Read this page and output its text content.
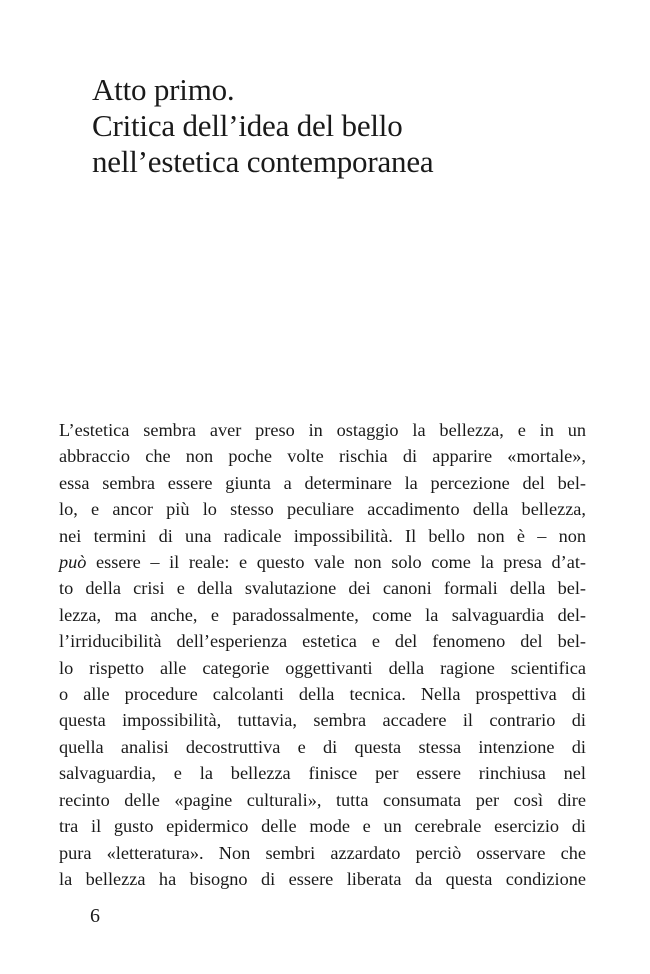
Atto primo.
Critica dell’idea del bello
nell’estetica contemporanea
L’estetica sembra aver preso in ostaggio la bellezza, e in un
abbraccio che non poche volte rischia di apparire «mortale»,
essa sembra essere giunta a determinare la percezione del bel-
lo, e ancor più lo stesso peculiare accadimento della bellezza,
nei termini di una radicale impossibilità. Il bello non è – non
può essere – il reale: e questo vale non solo come la presa d’at-
to della crisi e della svalutazione dei canoni formali della bel-
lezza, ma anche, e paradossalmente, come la salvaguardia del-
l’irriducibilità dell’esperienza estetica e del fenomeno del bel-
lo rispetto alle categorie oggettivanti della ragione scientifica
o alle procedure calcolanti della tecnica. Nella prospettiva di
questa impossibilità, tuttavia, sembra accadere il contrario di
quella analisi decostruttiva e di questa stessa intenzione di
salvaguardia, e la bellezza finisce per essere rinchiusa nel
recinto delle «pagine culturali», tutta consumata per così dire
tra il gusto epidermico delle mode e un cerebrale esercizio di
pura «letteratura». Non sembri azzardato perciò osservare che
la bellezza ha bisogno di essere liberata da questa condizione
6
